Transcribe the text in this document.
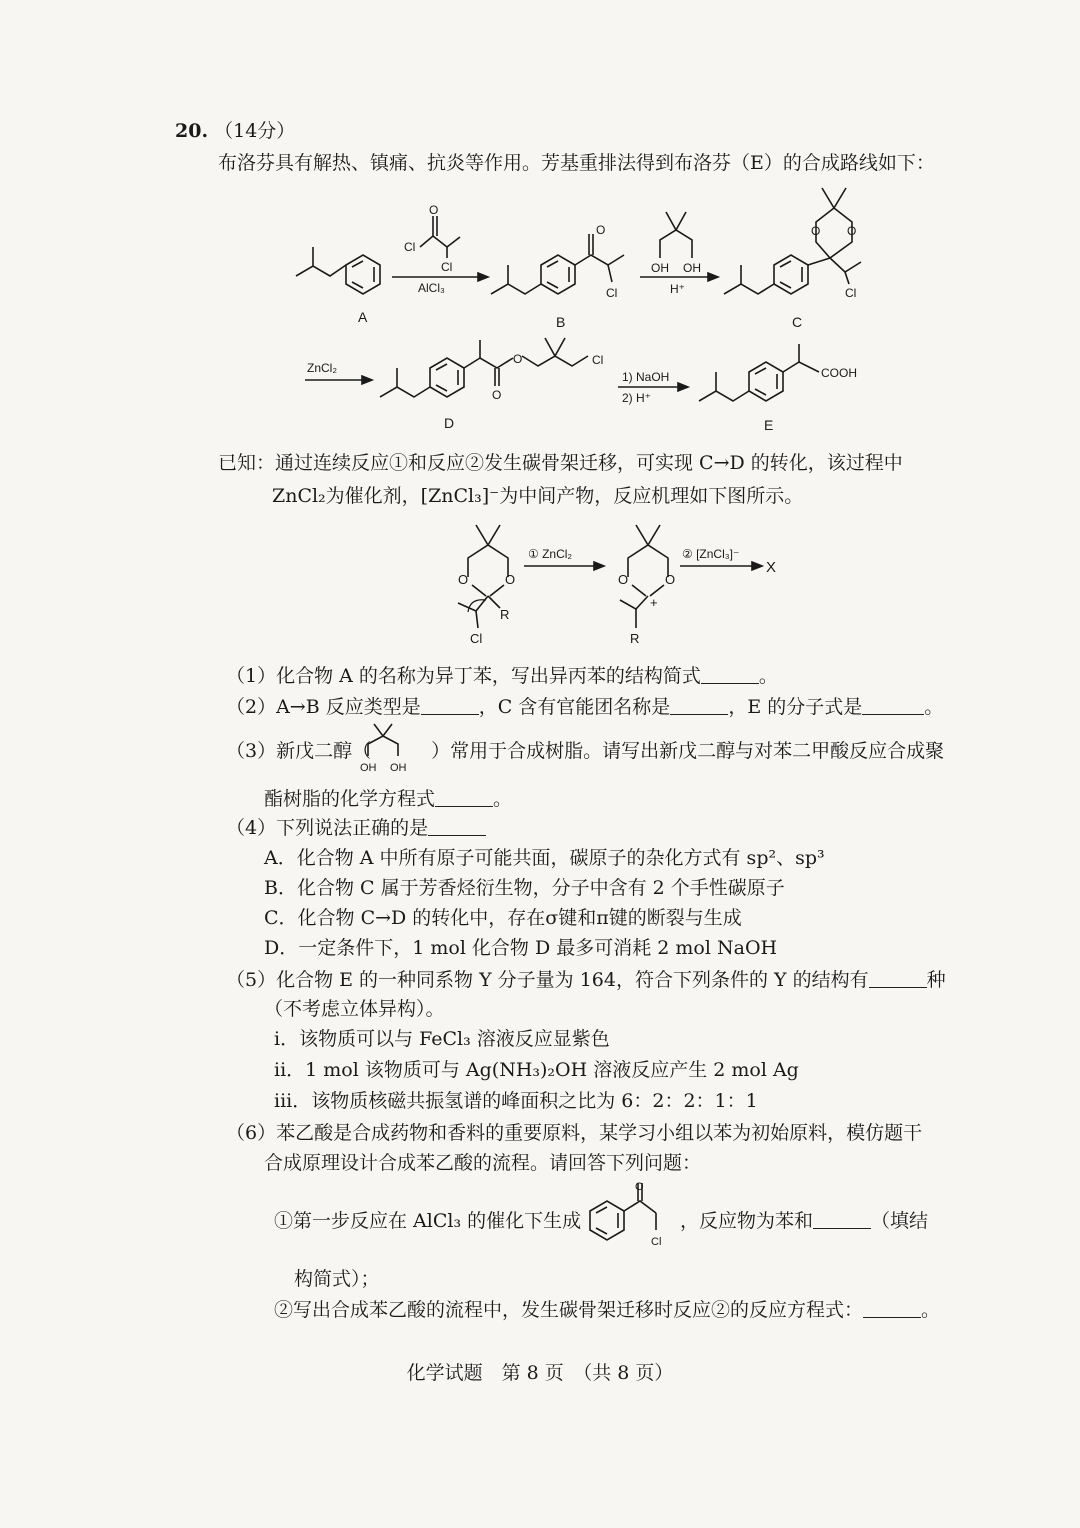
20. （14分）
布洛芬具有解热、镇痛、抗炎等作用。芳基重排法得到布洛芬（E）的合成路线如下：
A
O
Cl
Cl
AlCl₃
O
Cl
B
OH OH
H⁺
O O
Cl
C
ZnCl₂
O
O
Cl
D
1) NaOH
2) H⁺
COOH
E
O	O
R
Cl
① ZnCl₂
O	O
+
R
② [ZnCl₃]⁻
X
OH OH
O
Cl
已知：通过连续反应①和反应②发生碳骨架迁移，可实现 C→D 的转化，该过程中
ZnCl₂为催化剂，[ZnCl₃]⁻为中间产物，反应机理如下图所示。
（1）化合物 A 的名称为异丁苯，写出异丙苯的结构简式	。
（2）A→B 反应类型是	，C 含有官能团名称是	，E 的分子式是	。
（3）新戊二醇（	）常用于合成树脂。请写出新戊二醇与对苯二甲酸反应合成聚
酯树脂的化学方程式	。
（4）下列说法正确的是
A．化合物 A 中所有原子可能共面，碳原子的杂化方式有 sp²、sp³
B．化合物 C 属于芳香烃衍生物，分子中含有 2 个手性碳原子
C．化合物 C→D 的转化中，存在σ键和π键的断裂与生成
D．一定条件下，1 mol 化合物 D 最多可消耗 2 mol NaOH
（5）化合物 E 的一种同系物 Y 分子量为 164，符合下列条件的 Y 的结构有	种
（不考虑立体异构）。
i．该物质可以与 FeCl₃ 溶液反应显紫色
ii．1 mol 该物质可与 Ag(NH₃)₂OH 溶液反应产生 2 mol Ag
iii．该物质核磁共振氢谱的峰面积之比为 6：2：2：1：1
（6）苯乙酸是合成药物和香料的重要原料，某学习小组以苯为初始原料，模仿题干
合成原理设计合成苯乙酸的流程。请回答下列问题：
①第一步反应在 AlCl₃ 的催化下生成	，反应物为苯和	（填结
构简式）；
②写出合成苯乙酸的流程中，发生碳骨架迁移时反应②的反应方程式：	。
化学试题　第 8 页　（共 8 页）
